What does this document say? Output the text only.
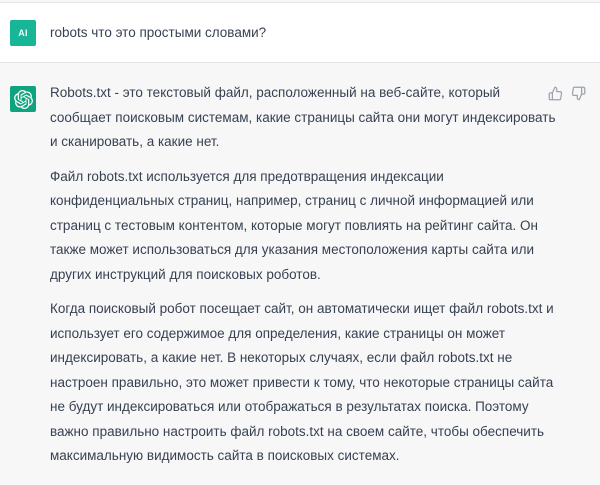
AI	robots что это простыми словами?

Robots.txt - это текстовый файл, расположенный на веб-сайте, который сообщает поисковым системам, какие страницы сайта они могут индексировать и сканировать, а какие нет.

Файл robots.txt используется для предотвращения индексации конфиденциальных страниц, например, страниц с личной информацией или страниц с тестовым контентом, которые могут повлиять на рейтинг сайта. Он также может использоваться для указания местоположения карты сайта или других инструкций для поисковых роботов.

Когда поисковый робот посещает сайт, он автоматически ищет файл robots.txt и использует его содержимое для определения, какие страницы он может индексировать, а какие нет. В некоторых случаях, если файл robots.txt не настроен правильно, это может привести к тому, что некоторые страницы сайта не будут индексироваться или отображаться в результатах поиска. Поэтому важно правильно настроить файл robots.txt на своем сайте, чтобы обеспечить максимальную видимость сайта в поисковых системах.
